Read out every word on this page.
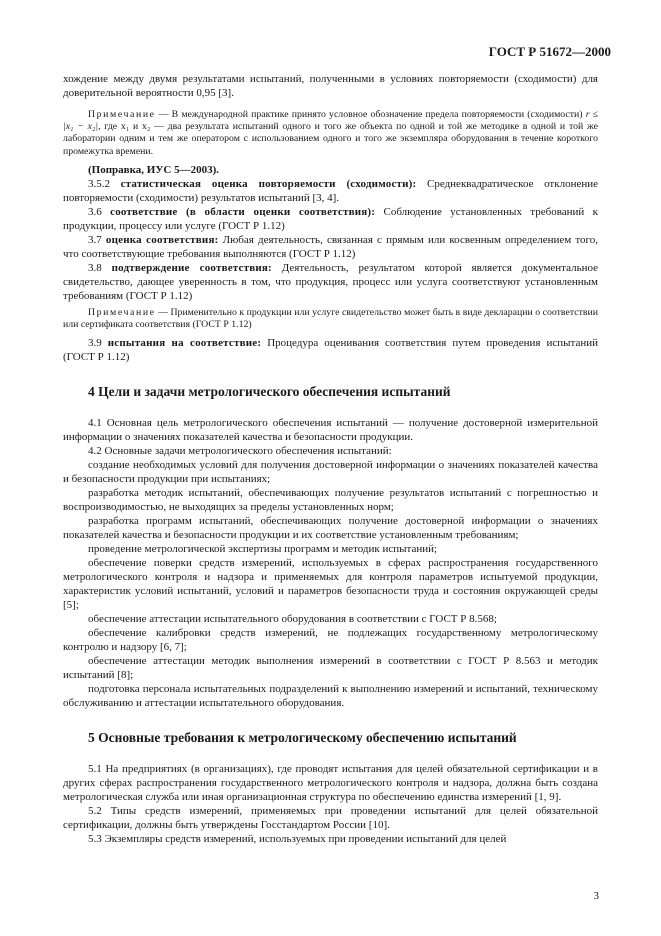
ГОСТ Р 51672—2000

хождение между двумя результатами испытаний, полученными в условиях повторяемости (сходимости) для доверительной вероятности 0,95 [3].

Примечание — В международной практике принято условное обозначение предела повторяемости (сходимости) r ≤ |x₁ − x₂|, где x₁ и x₂ — два результата испытаний одного и того же объекта по одной и той же методике в одной и той же лаборатории одним и тем же оператором с использованием одного и того же экземпляра оборудования в течение короткого промежутка времени.

(Поправка, ИУС 5—2003).

3.5.2 статистическая оценка повторяемости (сходимости): Среднеквадратическое отклонение повторяемости (сходимости) результатов испытаний [3, 4].

3.6 соответствие (в области оценки соответствия): Соблюдение установленных требований к продукции, процессу или услуге (ГОСТ Р 1.12)

3.7 оценка соответствия: Любая деятельность, связанная с прямым или косвенным определением того, что соответствующие требования выполняются (ГОСТ Р 1.12)

3.8 подтверждение соответствия: Деятельность, результатом которой является документальное свидетельство, дающее уверенность в том, что продукция, процесс или услуга соответствуют установленным требованиям (ГОСТ Р 1.12)

Примечание — Применительно к продукции или услуге свидетельство может быть в виде декларации о соответствии или сертификата соответствия (ГОСТ Р 1.12)

3.9 испытания на соответствие: Процедура оценивания соответствия путем проведения испытаний (ГОСТ Р 1.12)

4 Цели и задачи метрологического обеспечения испытаний

4.1 Основная цель метрологического обеспечения испытаний — получение достоверной измерительной информации о значениях показателей качества и безопасности продукции.

4.2 Основные задачи метрологического обеспечения испытаний:

создание необходимых условий для получения достоверной информации о значениях показателей качества и безопасности продукции при испытаниях;

разработка методик испытаний, обеспечивающих получение результатов испытаний с погрешностью и воспроизводимостью, не выходящих за пределы установленных норм;

разработка программ испытаний, обеспечивающих получение достоверной информации о значениях показателей качества и безопасности продукции и их соответствие установленным требованиям;

проведение метрологической экспертизы программ и методик испытаний;

обеспечение поверки средств измерений, используемых в сферах распространения государственного метрологического контроля и надзора и применяемых для контроля параметров испытуемой продукции, характеристик условий испытаний, условий и параметров безопасности труда и состояния окружающей среды [5];

обеспечение аттестации испытательного оборудования в соответствии с ГОСТ Р 8.568;

обеспечение калибровки средств измерений, не подлежащих государственному метрологическому контролю и надзору [6, 7];

обеспечение аттестации методик выполнения измерений в соответствии с ГОСТ Р 8.563 и методик испытаний [8];

подготовка персонала испытательных подразделений к выполнению измерений и испытаний, техническому обслуживанию и аттестации испытательного оборудования.

5 Основные требования к метрологическому обеспечению испытаний

5.1 На предприятиях (в организациях), где проводят испытания для целей обязательной сертификации и в других сферах распространения государственного метрологического контроля и надзора, должна быть создана метрологическая служба или иная организационная структура по обеспечению единства измерений [1, 9].

5.2 Типы средств измерений, применяемых при проведении испытаний для целей обязательной сертификации, должны быть утверждены Госстандартом России [10].

5.3 Экземпляры средств измерений, используемых при проведении испытаний для целей

3
